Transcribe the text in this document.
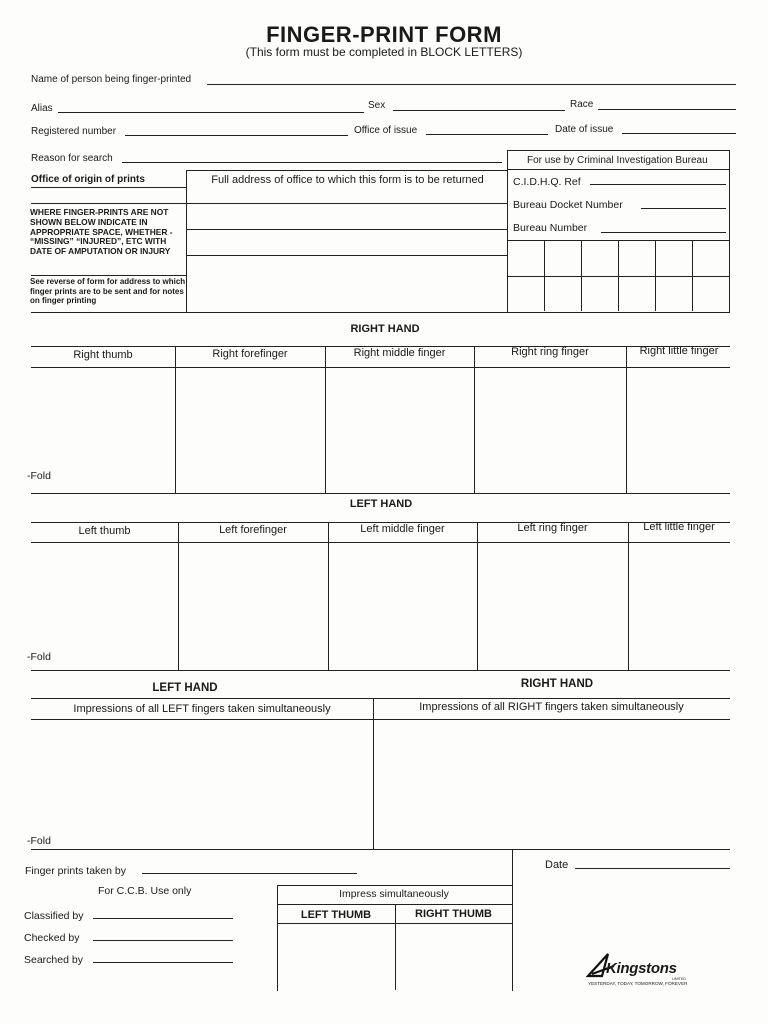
FINGER-PRINT FORM
(This form must be completed in BLOCK LETTERS)
Name of person being finger-printed
Alias	Sex	Race
Registered number	Office of issue	Date of issue
Reason for search
Office of origin of prints	Full address of office to which this form is to be returned
WHERE FINGER-PRINTS ARE NOT SHOWN BELOW INDICATE IN APPROPRIATE SPACE, WHETHER - “MISSING” “INJURED”, ETC WITH DATE OF AMPUTATION OR INJURY
See reverse of form for address to which finger prints are to be sent and for notes on finger printing
For use by Criminal Investigation Bureau
C.I.D.H.Q. Ref
Bureau Docket Number
Bureau Number
RIGHT HAND
Right thumb	Right forefinger	Right middle finger	Right ring finger	Right little finger
-Fold
LEFT HAND
Left thumb	Left forefinger	Left middle finger	Left ring finger	Left little finger
-Fold
LEFT HAND	RIGHT HAND
Impressions of all LEFT fingers taken simultaneously	Impressions of all RIGHT fingers taken simultaneously
-Fold
Finger prints taken by	Date
For C.C.B. Use only
Classified by
Checked by
Searched by
Impress simultaneously
LEFT THUMB	RIGHT THUMB
Kingstons
LIMITED
YESTERDAY, TODAY, TOMORROW, FOREVER
